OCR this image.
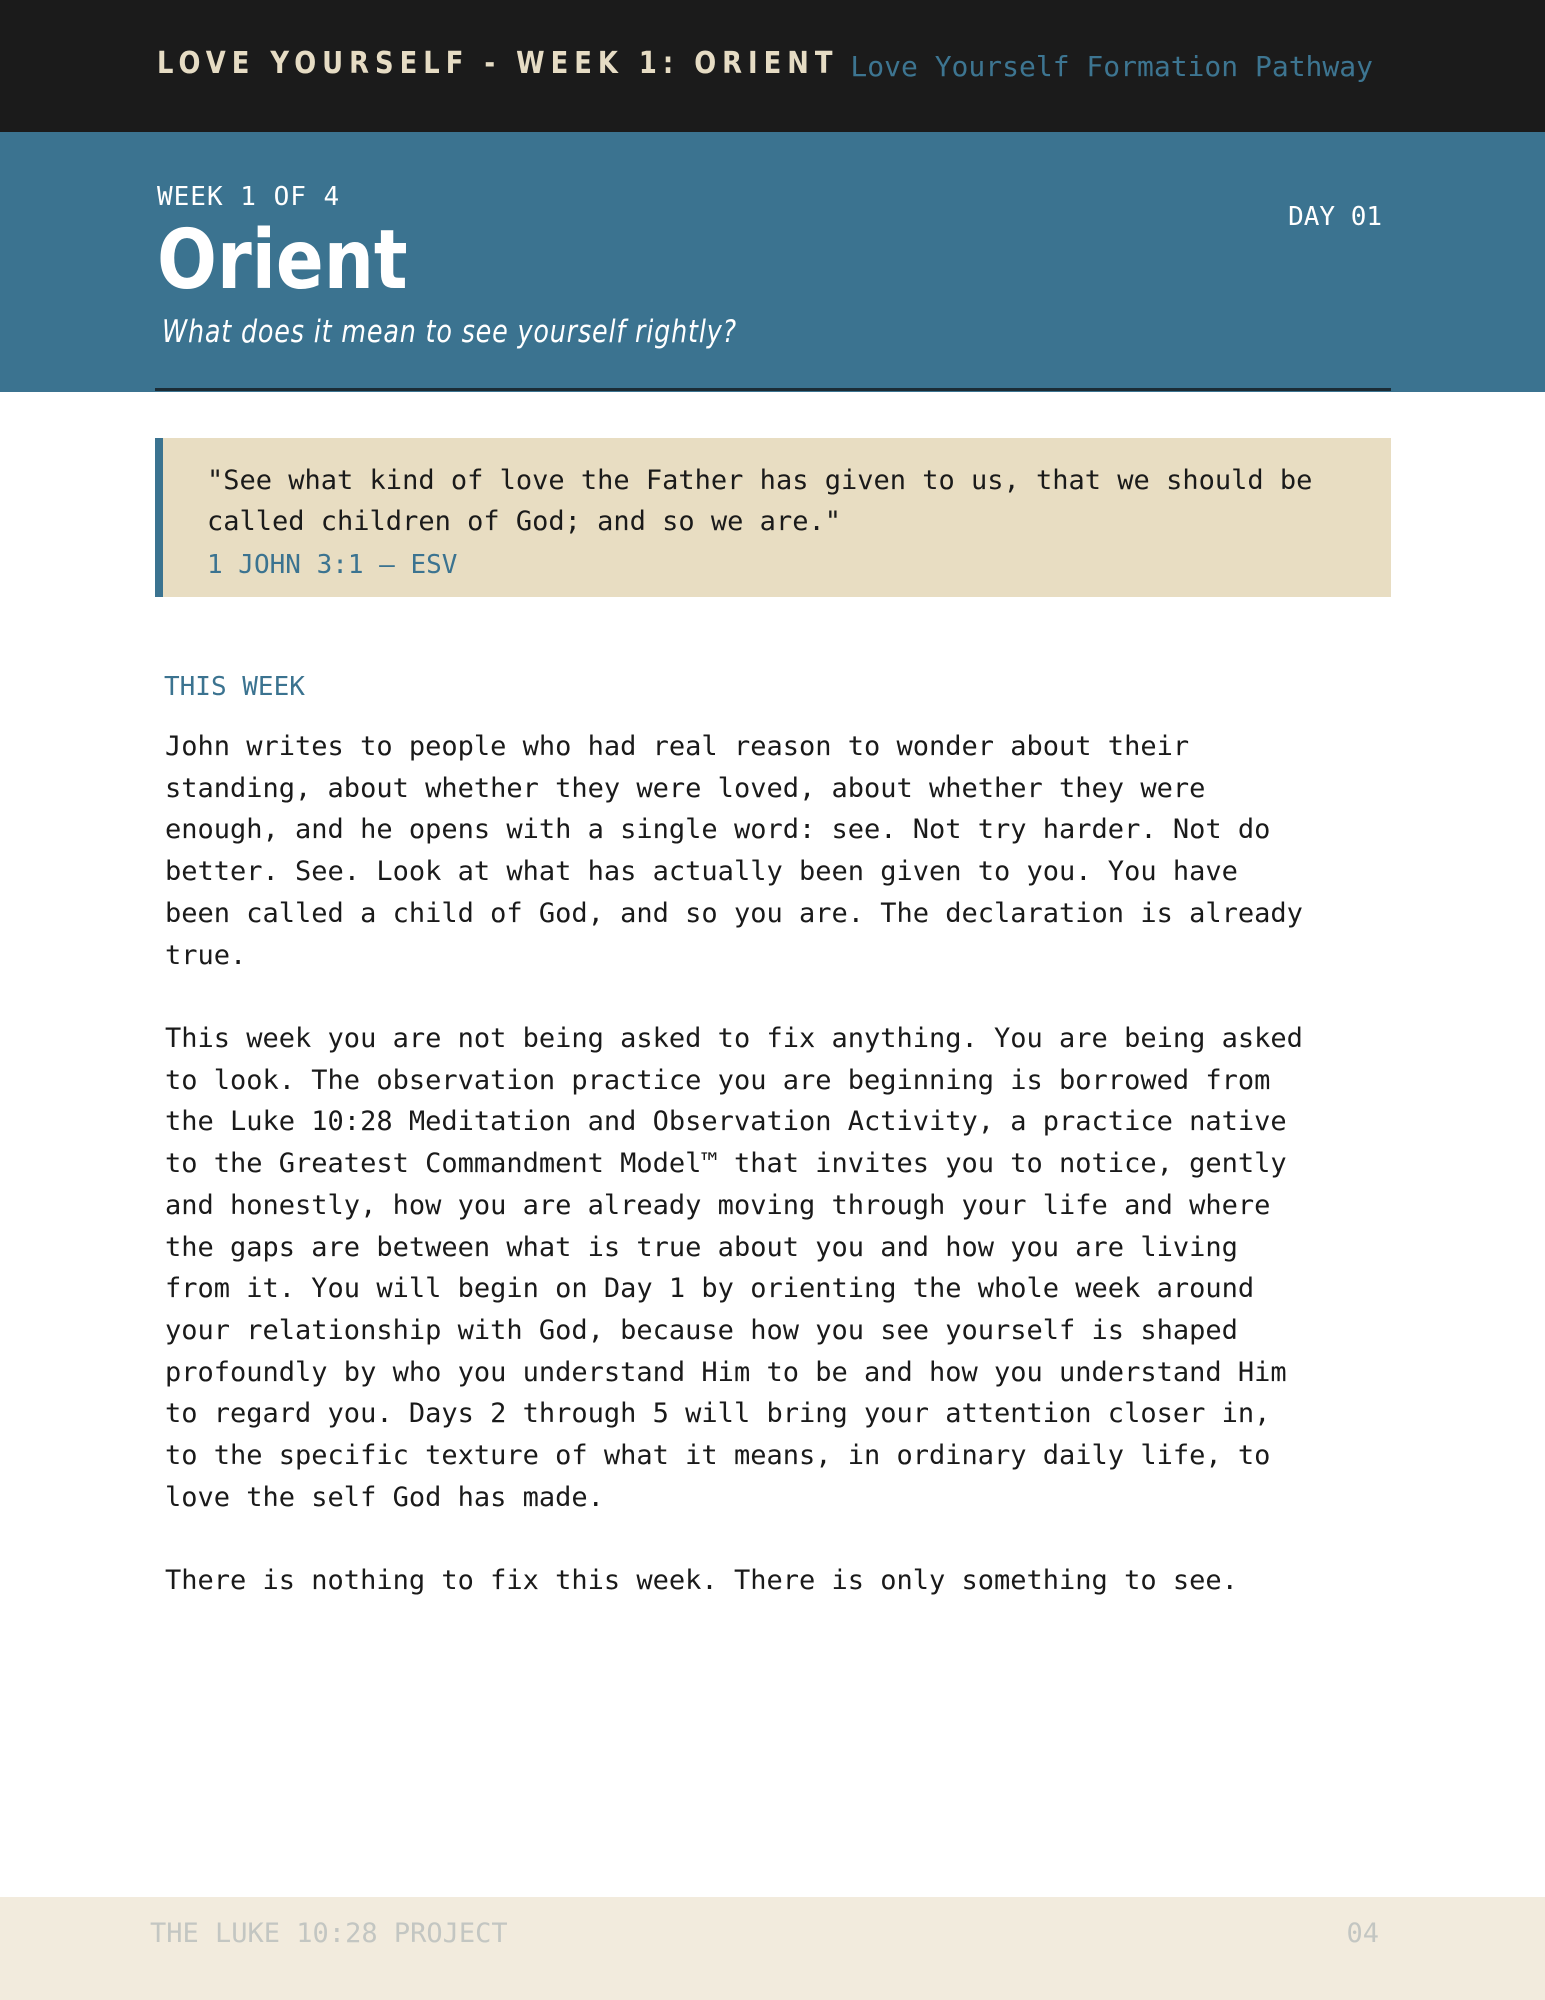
LOVE YOURSELF - WEEK 1: ORIENT Love Yourself Formation Pathway
WEEK 1 OF 4
Orient
What does it mean to see yourself rightly?
DAY 01
"See what kind of love the Father has given to us, that we should be called children of God; and so we are."
1 JOHN 3:1 — ESV
THIS WEEK

John writes to people who had real reason to wonder about their standing, about whether they were loved, about whether they were enough, and he opens with a single word: see. Not try harder. Not do better. See. Look at what has actually been given to you. You have been called a child of God, and so you are. The declaration is already true.

This week you are not being asked to fix anything. You are being asked to look. The observation practice you are beginning is borrowed from the Luke 10:28 Meditation and Observation Activity, a practice native to the Greatest Commandment Model™ that invites you to notice, gently and honestly, how you are already moving through your life and where the gaps are between what is true about you and how you are living from it. You will begin on Day 1 by orienting the whole week around your relationship with God, because how you see yourself is shaped profoundly by who you understand Him to be and how you understand Him to regard you. Days 2 through 5 will bring your attention closer in, to the specific texture of what it means, in ordinary daily life, to love the self God has made.

There is nothing to fix this week. There is only something to see.

THE LUKE 10:28 PROJECT	04
